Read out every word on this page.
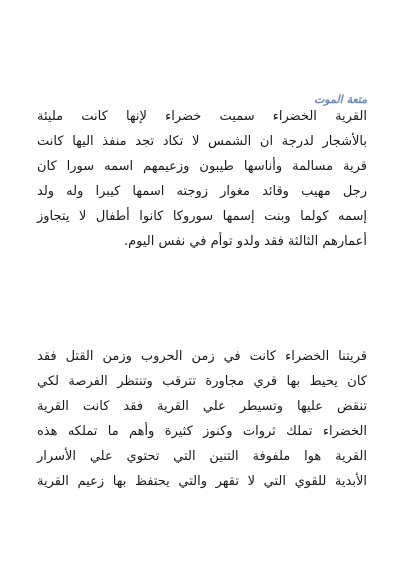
متعة الموت
القرية الخضراء سميت خضراء لإنها كانت مليئة
بالأشجار لدرجة ان الشمس لا تكاد تجد منفذ اليها كانت
قرية مسالمة وأناسها طيبون وزعيمهم اسمه سورا كان
رجل مهيب وقائد مغوار زوجته اسمها كيبرا وله ولد
إسمه كولما وبنت إسمها سوروكا كانوا أطفال لا يتجاوز
أعمارهم الثالثة فقد ولدو توأم في نفس اليوم.
قريتنا الخضراء كانت في زمن الحروب وزمن القتل فقد
كان يحيط بها قري مجاورة تترقب وتنتظر الفرصة لكي
تنقض عليها وتسيطر علي القرية فقد كانت القرية
الخضراء تملك ثروات وكنوز كثيرة وأهم ما تملكه هذه
القرية هوا ملفوفة التنين التي تحتوي علي الأسرار
الأبدية للقوي التي لا تقهر والتي يحتفظ بها زعيم القرية
